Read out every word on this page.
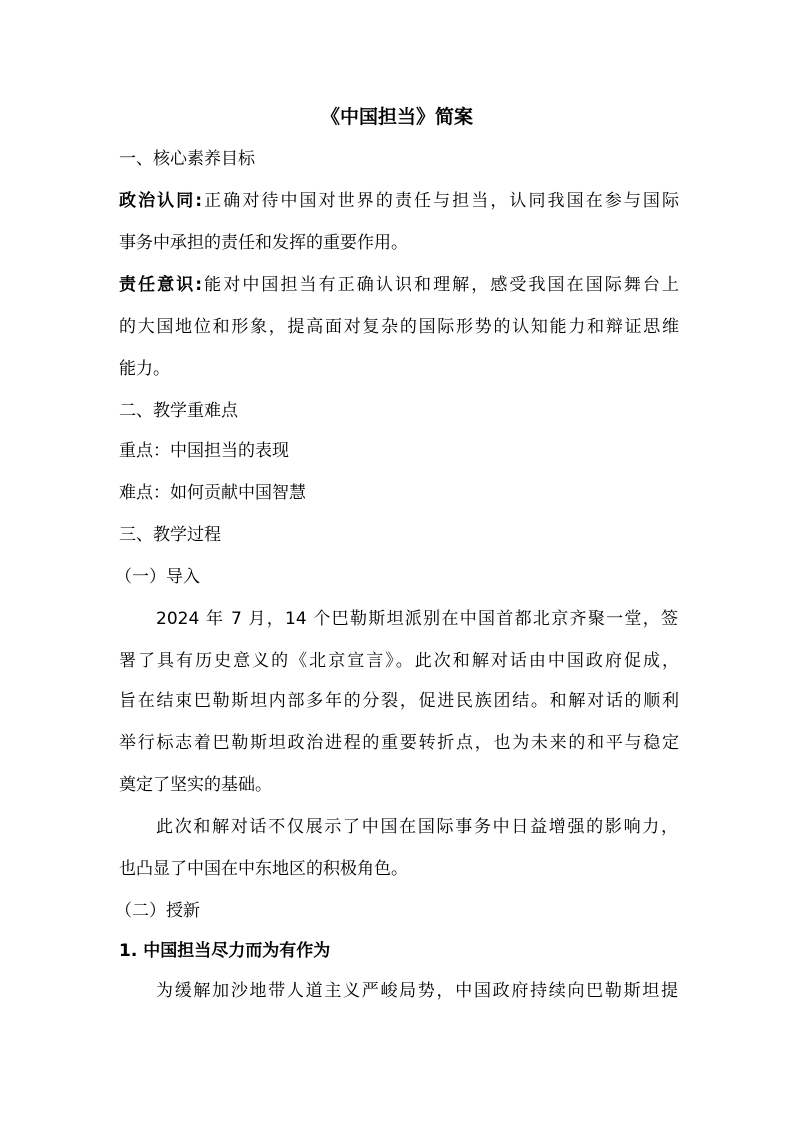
《中国担当》简案
一、核心素养目标
政治认同:正确对待中国对世界的责任与担当，认同我国在参与国际
事务中承担的责任和发挥的重要作用。
责任意识:能对中国担当有正确认识和理解，感受我国在国际舞台上
的大国地位和形象，提高面对复杂的国际形势的认知能力和辩证思维
能力。
二、教学重难点
重点：中国担当的表现
难点：如何贡献中国智慧
三、教学过程
（一）导入
2024 年 7 月，14 个巴勒斯坦派别在中国首都北京齐聚一堂，签
署了具有历史意义的《北京宣言》。此次和解对话由中国政府促成，
旨在结束巴勒斯坦内部多年的分裂，促进民族团结。和解对话的顺利
举行标志着巴勒斯坦政治进程的重要转折点，也为未来的和平与稳定
奠定了坚实的基础。
此次和解对话不仅展示了中国在国际事务中日益增强的影响力，
也凸显了中国在中东地区的积极角色。
（二）授新
1. 中国担当尽力而为有作为
为缓解加沙地带人道主义严峻局势，中国政府持续向巴勒斯坦提
